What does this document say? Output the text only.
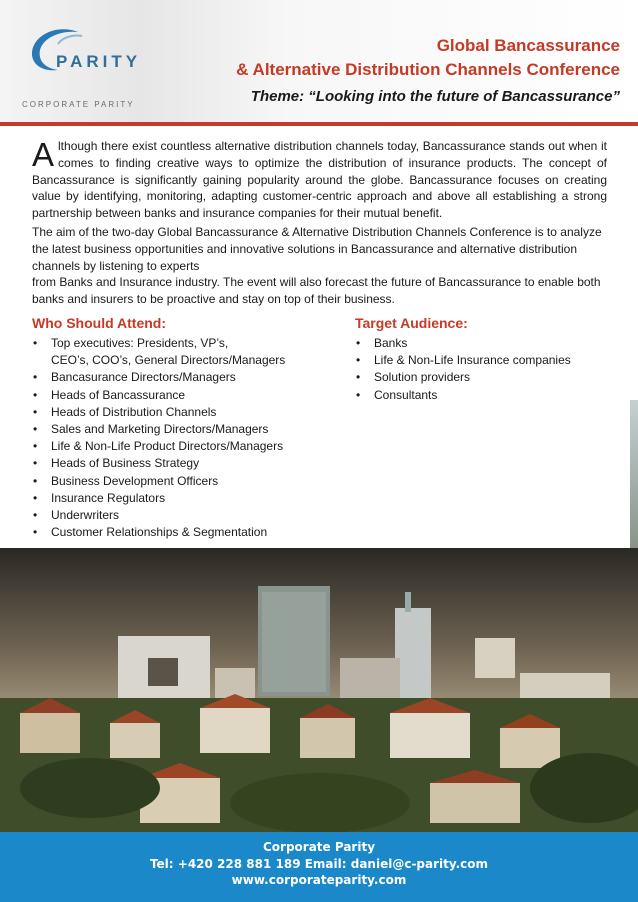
PARITY
CORPORATE PARITY
Global Bancassurance
& Alternative Distribution Channels Conference
Theme: “Looking into the future of Bancassurance”
Although there exist countless alternative distribution channels today, Bancassurance stands out when it comes to finding creative ways to optimize the distribution of insurance products. The concept of Bancassurance is significantly gaining popularity around the globe. Bancassurance focuses on creating value by identifying, monitoring, adapting customer-centric approach and above all establishing a strong partnership between banks and insurance companies for their mutual benefit.
The aim of the two-day Global Bancassurance & Alternative Distribution Channels Conference is to analyze the latest business opportunities and innovative solutions in Bancassurance and alternative distribution channels by listening to experts
from Banks and Insurance industry. The event will also forecast the future of Bancassurance to enable both banks and insurers to be proactive and stay on top of their business.
Who Should Attend:
• Top executives: Presidents, VP’s,
CEO’s, COO’s, General Directors/Managers
• Bancasurance Directors/Managers
• Heads of Bancassurance
• Heads of Distribution Channels
• Sales and Marketing Directors/Managers
• Life & Non-Life Product Directors/Managers
• Heads of Business Strategy
• Business Development Officers
• Insurance Regulators
• Underwriters
• Customer Relationships & Segmentation
Target Audience:
• Banks
• Life & Non-Life Insurance companies
• Solution providers
• Consultants
Corporate Parity
Tel: +420 228 881 189 Email: daniel@c-parity.com
www.corporateparity.com
